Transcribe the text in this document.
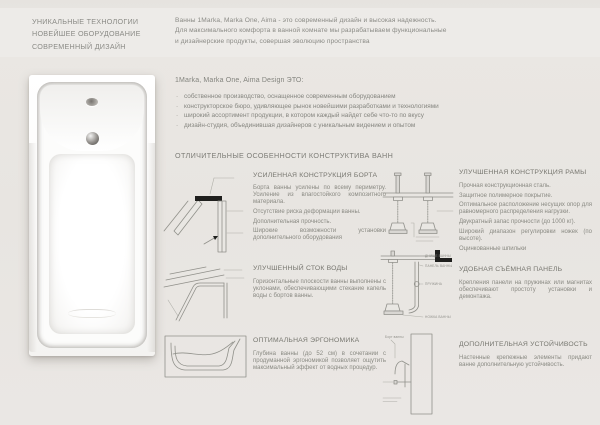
УНИКАЛЬНЫЕ ТЕХНОЛОГИИ
НОВЕЙШЕЕ ОБОРУДОВАНИЕ
СОВРЕМЕННЫЙ ДИЗАЙН
Ванны 1Marka, Marka One, Aima - это современный дизайн и высокая надежность.
Для максимального комфорта в ванной комнате мы разрабатываем функциональные
и дизайнерские продукты, совершая эволюцию пространства
1Marka, Marka One, Aima Design ЭТО:
· собственное производство, оснащенное современным оборудованием
· конструкторское бюро, удивляющее рынок новейшими разработками и технологиями
· широкий ассортимент продукции, в котором каждый найдет себе что-то по вкусу
· дизайн-студия, объединившая дизайнеров с уникальным видением и опытом
ОТЛИЧИТЕЛЬНЫЕ ОСОБЕННОСТИ КОНСТРУКТИВА ВАНН
УСИЛЕННАЯ КОНСТРУКЦИЯ БОРТА

Борта ванны усилены по всему периметру. Усиление из влагостойкого композитного материала.

Отсутствие риска деформации ванны.

Дополнительная прочность.

Широкие возможности установки дополнительного оборудования

УЛУЧШЕННЫЙ СТОК ВОДЫ

Горизонтальные плоскости ванны выполнены с уклонами, обеспечивающими стекание капель воды с бортов ванны.

ОПТИМАЛЬНАЯ ЭРГОНОМИКА

Глубина ванны (до 52 см) в сочетании с продуманной эргономикой позволяет ощутить максимальный эффект от водных процедур.

УЛУЧШЕННАЯ КОНСТРУКЦИЯ РАМЫ

Прочная конструкционная сталь.

Защитное полимерное покрытие.

Оптимальное расположение несущих опор для равномерного распределения нагрузки.

Двукратный запас прочности (до 1000 кг).

Широкий диапазон регулировки ножек (по высоте).

Оцинкованные шпильки

ДНИЩЕ ВАННЫ
ПАНЕЛЬ ВАННЫ
ПРУЖИНА
НОЖКА ВАННЫ
УДОБНАЯ СЪЁМНАЯ ПАНЕЛЬ

Крепления панели на пружинах или магнитах обеспечивают простоту установки и демонтажа.

Борт ванны
ДОПОЛНИТЕЛЬНАЯ УСТОЙЧИВОСТЬ

Настенные крепежные элементы придают ванне дополнительную устойчивость.
